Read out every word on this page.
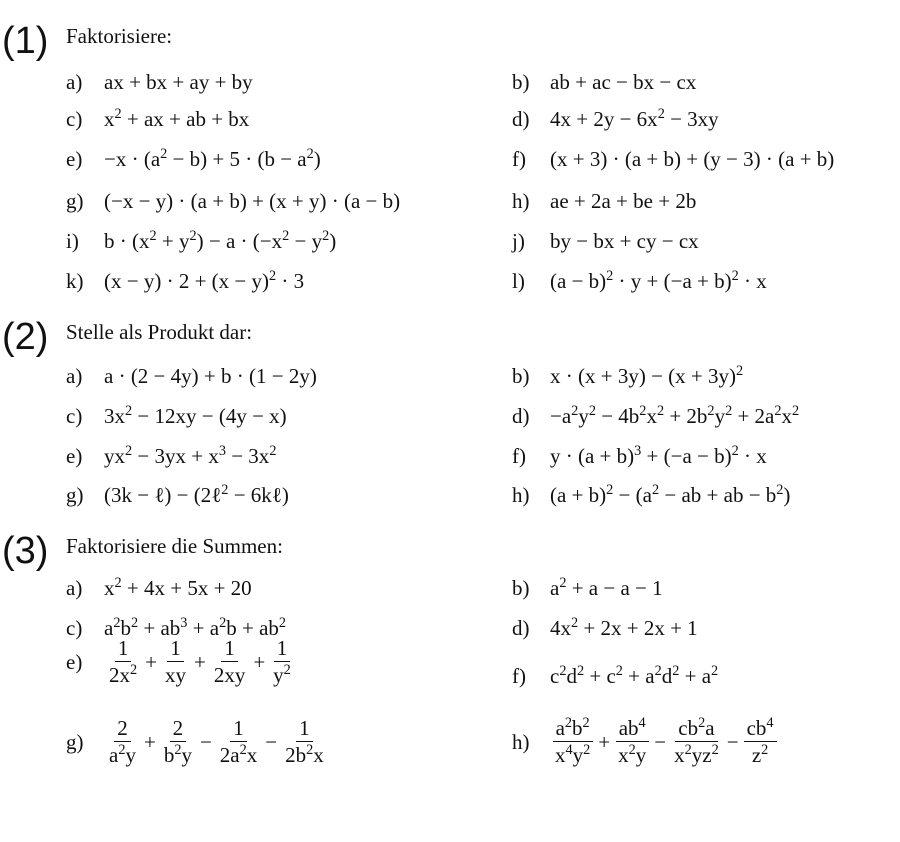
(1) Faktorisiere:
a)	ax + bx + ay + by	b) ab + ac − bx − cx
c)	$x^2$ + ax + ab + bx	d) $4x + 2y - 6x^2 - 3xy$
e)	$-x \cdot (a^2 - b) + 5 \cdot (b - a^2)$	f)	(x + 3) · (a + b) + (y − 3) · (a + b)
g) (−x − y) · (a + b) + (x + y) · (a − b)	h) ae + 2a + be + 2b
i)	$b \cdot (x^2 + y^2) - a \cdot (-x^2 - y^2)$	j)	by − bx + cy − cx
k) $(x - y) \cdot 2 + (x - y)^2 \cdot 3$	l)	$(a - b)^2 \cdot y + (-a + b)^2 \cdot x$
(2) Stelle als Produkt dar:
a)	a · (2 − 4y) + b · (1 − 2y)	b) $x \cdot (x + 3y) - (x + 3y)^2$
c)	$3x^2 - 12xy - (4y - x)$	$d) -a^2y^2 - 4b^2x^2 + 2b^2y^2 + 2a^2x^2$
e)	$yx^2 - 3yx + x^3 - 3x^2$	f)	$y \cdot (a + b)^3 + (-a - b)^2 \cdot x$
g) (3k − ℓ) − (2ℓ$^2$ − 6kℓ)	h) $(a + b)^2 - (a^2$ − ab + ab − $b^2$)
(3) Faktorisiere die Summen:
a)	$x^2 + 4x + 5x + 20$	b) $a^2 + a - a - 1$
c)	$a^2b^2 + ab^3 + a^2b + ab^2$	d) $4x^2 + 2x + 2x + 1$
e)	$\frac{1}{2x^2} + \frac{1}{xy} + \frac{1}{2xy} + \frac{1}{y^2}$	f)	$c^2d^2 + c^2 + a^2d^2 + a^2$
g)	$\frac{2}{a^2y} + \frac{2}{b^2y} - \frac{1}{2a^2x} - \frac{1}{2b^2x}$	h)	$\frac{a^2b^2}{x^4y^2} + \frac{ab^4}{x^2y} - \frac{cb^2a}{x^2yz^2} - \frac{cb^4}{z^2}$
